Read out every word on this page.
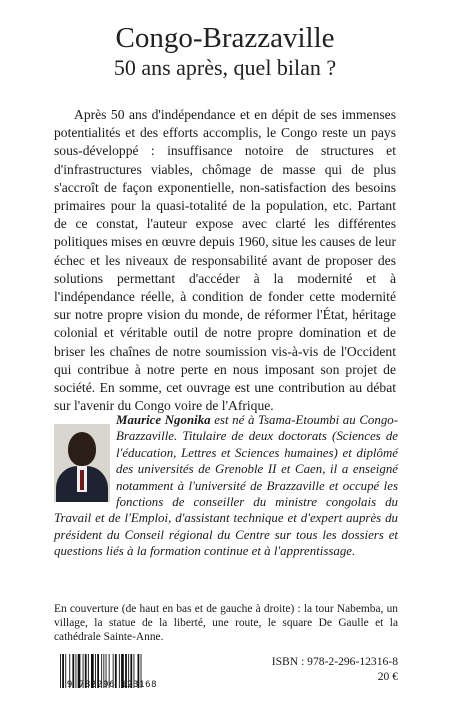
Congo-Brazzaville
50 ans après, quel bilan ?

Après 50 ans d'indépendance et en dépit de ses immenses potentialités et des efforts accomplis, le Congo reste un pays sous-développé : insuffisance notoire de structures et d'infrastructures viables, chômage de masse qui de plus s'accroît de façon exponentielle, non-satisfaction des besoins primaires pour la quasi-totalité de la population, etc. Partant de ce constat, l'auteur expose avec clarté les différentes politiques mises en œuvre depuis 1960, situe les causes de leur échec et les niveaux de responsabilité avant de proposer des solutions permettant d'accéder à la modernité et à l'indépendance réelle, à condition de fonder cette modernité sur notre propre vision du monde, de réformer l'État, héritage colonial et véritable outil de notre propre domination et de briser les chaînes de notre soumission vis-à-vis de l'Occident qui contribue à notre perte en nous imposant son projet de société. En somme, cet ouvrage est une contribution au débat sur l'avenir du Congo voire de l'Afrique.

Maurice Ngonika est né à Tsama-Etoumbi au Congo-Brazzaville. Titulaire de deux doctorats (Sciences de l'éducation, Lettres et Sciences humaines) et diplômé des universités de Grenoble II et Caen, il a enseigné notamment à l'université de Brazzaville et occupé les fonctions de conseiller du ministre congolais du Travail et de l'Emploi, d'assistant technique et d'expert auprès du président du Conseil régional du Centre sur tous les dossiers et questions liés à la formation continue et à l'apprentissage.

En couverture (de haut en bas et de gauche à droite) : la tour Nabemba, un village, la statue de la liberté, une route, le square De Gaulle et la cathédrale Sainte-Anne.

9 782296 123168
ISBN : 978-2-296-12316-8
20 €
